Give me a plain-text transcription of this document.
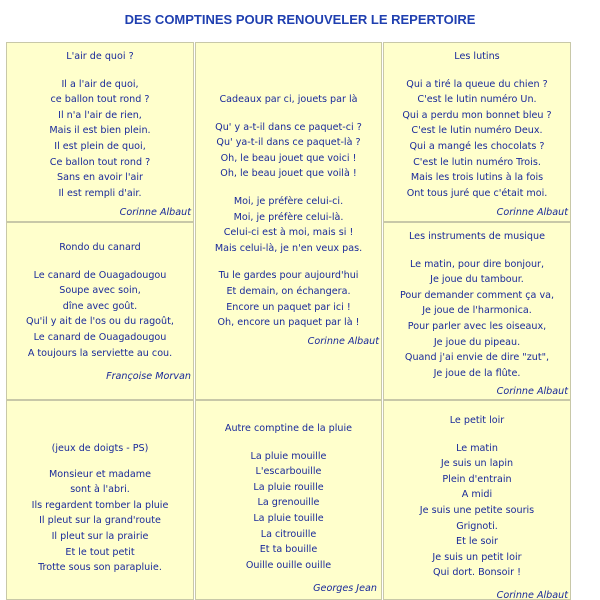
DES COMPTINES POUR RENOUVELER LE REPERTOIRE
L'air de quoi ?
Il a l'air de quoi,
ce ballon tout rond ?
Il n'a l'air de rien,
Mais il est bien plein.
Il est plein de quoi,
Ce ballon tout rond ?
Sans en avoir l'air
Il est rempli d'air.
Corinne Albaut
Cadeaux par ci, jouets par là
Qu' y a-t-il dans ce paquet-ci ?
Qu' ya-t-il dans ce paquet-là ?
Oh, le beau jouet que voici !
Oh, le beau jouet que voilà !
Moi, je préfère celui-ci.
Moi, je préfère celui-là.
Celui-ci est à moi, mais si !
Mais celui-là, je n'en veux pas.
Tu le gardes pour aujourd'hui
Et demain, on échangera.
Encore un paquet par ici !
Oh, encore un paquet par là !
Corinne Albaut
Les lutins
Qui a tiré la queue du chien ?
C'est le lutin numéro Un.
Qui a perdu mon bonnet bleu ?
C'est le lutin numéro Deux.
Qui a mangé les chocolats ?
C'est le lutin numéro Trois.
Mais les trois lutins à la fois
Ont tous juré que c'était moi.
Corinne Albaut
Rondo du canard
Le canard de Ouagadougou
Soupe avec soin,
dîne avec goût.
Qu'il y ait de l'os ou du ragoût,
Le canard de Ouagadougou
A toujours la serviette au cou.
Françoise Morvan
Les instruments de musique
Le matin, pour dire bonjour,
Je joue du tambour.
Pour demander comment ça va,
Je joue de l'harmonica.
Pour parler avec les oiseaux,
Je joue du pipeau.
Quand j'ai envie de dire "zut",
Je joue de la flûte.
Corinne Albaut
(jeux de doigts - PS)
Monsieur et madame
sont à l'abri.
Ils regardent tomber la pluie
Il pleut sur la grand'route
Il pleut sur la prairie
Et le tout petit
Trotte sous son parapluie.
Autre comptine de la pluie
La pluie mouille
L'escarbouille
La pluie rouille
La grenouille
La pluie touille
La citrouille
Et ta bouille
Ouille ouille ouille
Georges Jean
Le petit loir
Le matin
Je suis un lapin
Plein d'entrain
A midi
Je suis une petite souris
Grignoti.
Et le soir
Je suis un petit loir
Qui dort. Bonsoir !
Corinne Albaut
